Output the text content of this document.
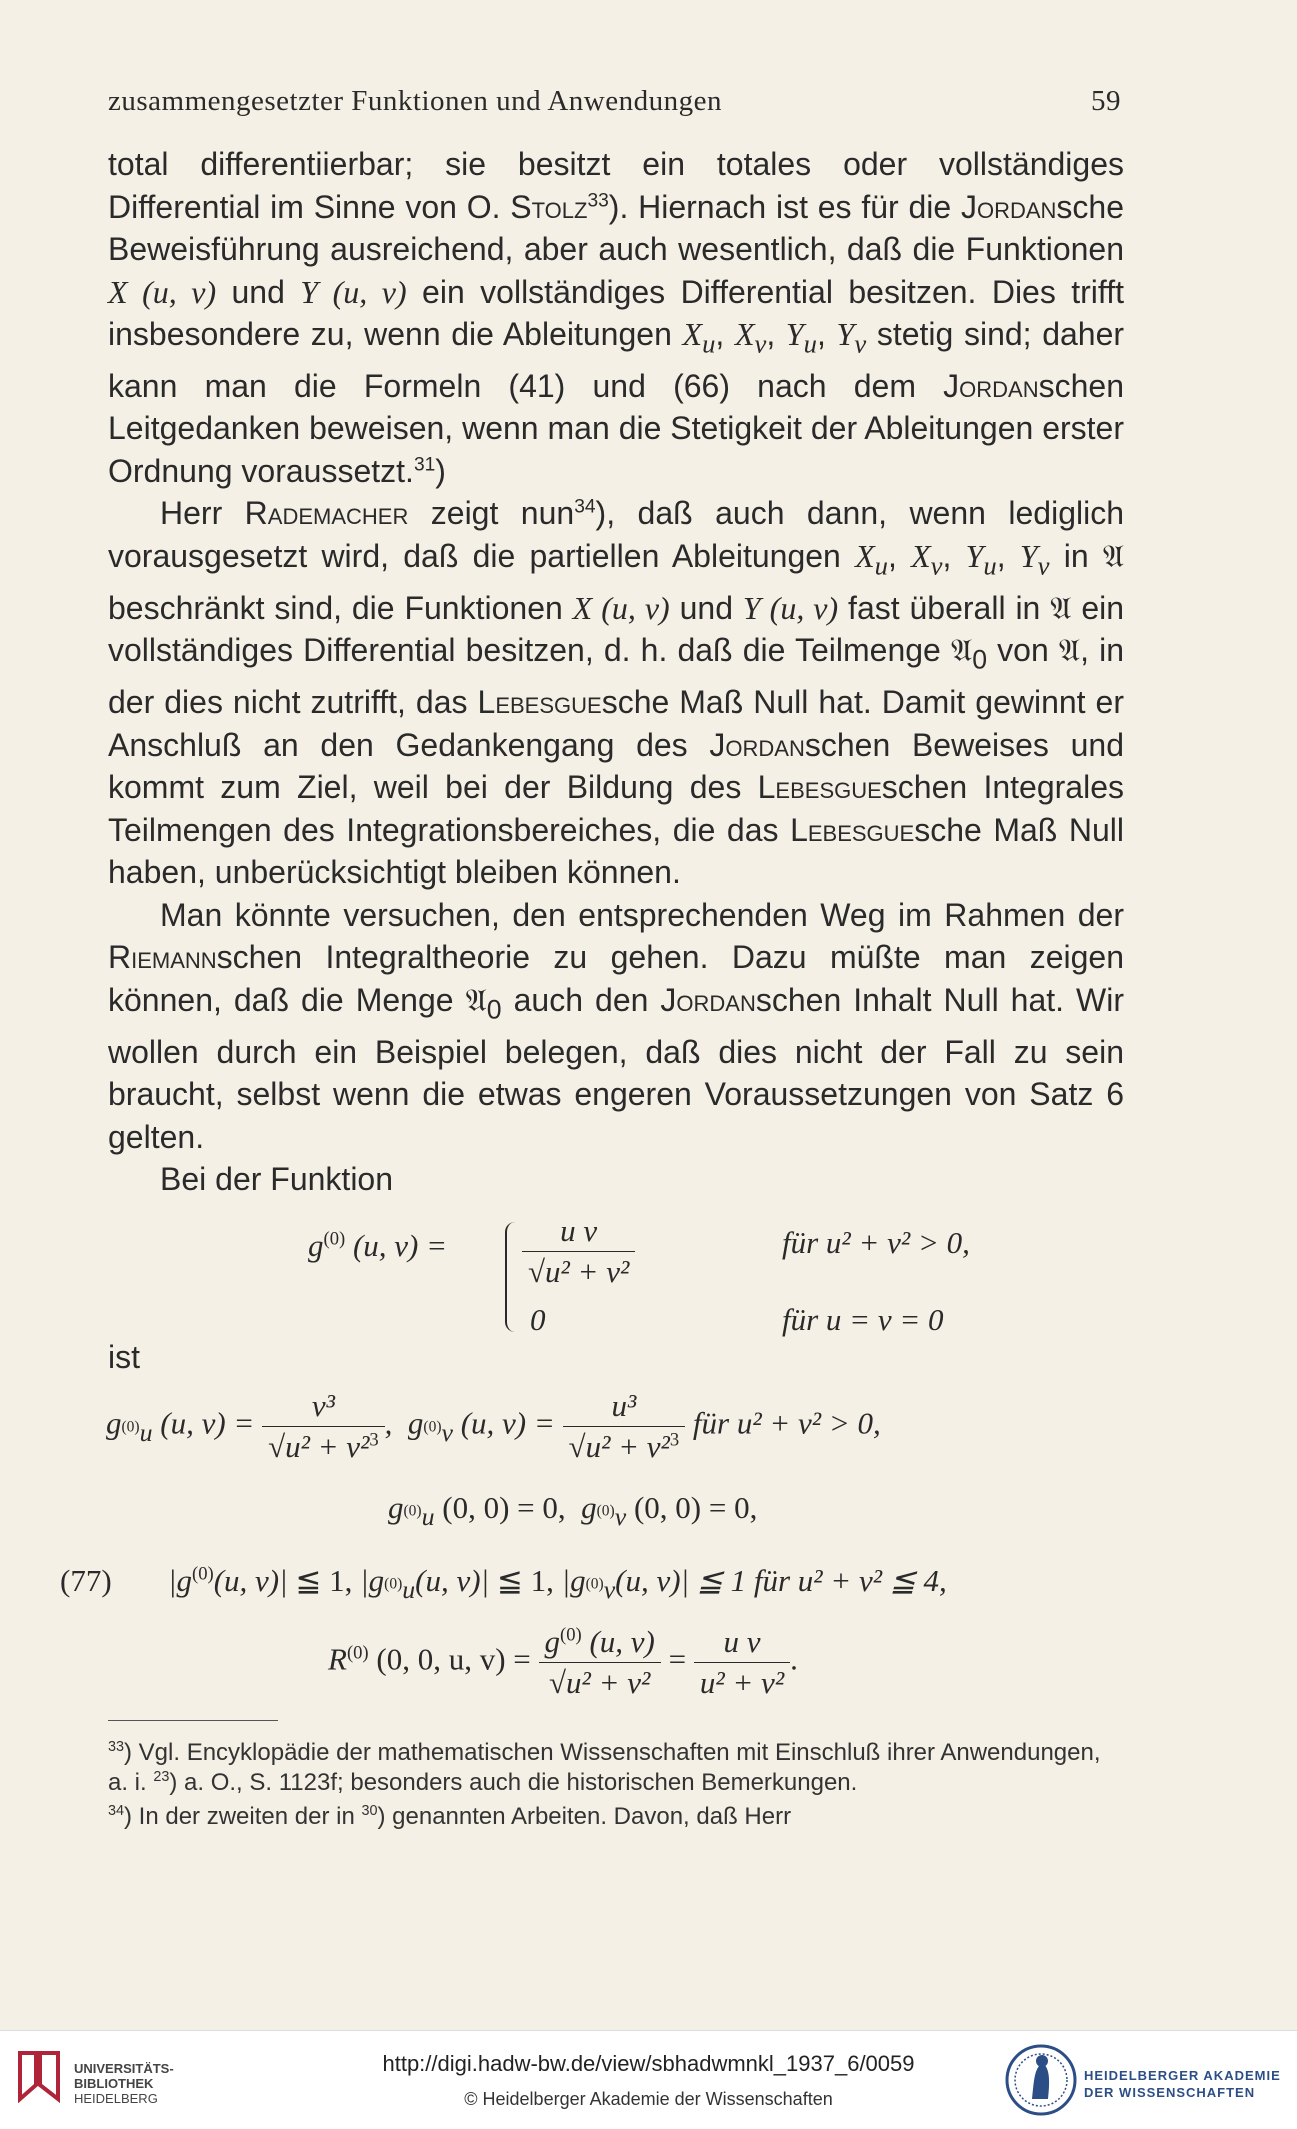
zusammengesetzter Funktionen und Anwendungen	59

total differentiierbar; sie besitzt ein totales oder vollständiges Differential im Sinne von O. Stolz$^{33}$). Hiernach ist es für die Jordansche Beweisführung ausreichend, aber auch wesentlich, daß die Funktionen X (u, v) und Y (u, v) ein vollständiges Differential besitzen. Dies trifft insbesondere zu, wenn die Ableitungen $X_u$, $X_v$, $Y_u$, $Y_v$ stetig sind; daher kann man die Formeln (41) und (66) nach dem Jordanschen Leitgedanken beweisen, wenn man die Stetigkeit der Ableitungen erster Ordnung voraussetzt.$^{31}$)

Herr Rademacher zeigt nun$^{34}$), daß auch dann, wenn lediglich vorausgesetzt wird, daß die partiellen Ableitungen $X_u$, $X_v$, $Y_u$, $Y_v$ in 𝔄 beschränkt sind, die Funktionen X (u, v) und Y (u, v) fast überall in 𝔄 ein vollständiges Differential besitzen, d. h. daß die Teilmenge 𝔄$_0$ von 𝔄, in der dies nicht zutrifft, das Lebesguesche Maß Null hat. Damit gewinnt er Anschluß an den Gedankengang des Jordanschen Beweises und kommt zum Ziel, weil bei der Bildung des Lebesgueschen Integrales Teilmengen des Integrationsbereiches, die das Lebesguesche Maß Null haben, unberücksichtigt bleiben können.

Man könnte versuchen, den entsprechenden Weg im Rahmen der Riemannschen Integraltheorie zu gehen. Dazu müßte man zeigen können, daß die Menge 𝔄$_0$ auch den Jordanschen Inhalt Null hat. Wir wollen durch ein Beispiel belegen, daß dies nicht der Fall zu sein braucht, selbst wenn die etwas engeren Voraussetzungen von Satz 6 gelten.

Bei der Funktion

$g^{(0)}$ (u, $v) = \frac{\text{u v}}{\text{√u² + v²}}$	für u² + v² > 0,
0	für u = v = 0

ist

$g_{^{(0)}u}$ (u, $v) = \frac{\text{v³}}{√u^2 + v^2^3}$ , $g_{^{(0)}v}$ (u, $v) = \frac{\text{u³}}{√u^2 + v^2^3}$ für u² + v² > 0,
$g_{^{(0)}u}$ (0, 0) = 0, $g_{^{(0)}v}$ (0, 0) = 0,
(77) $|g^{(0)}(u$, v)| ≦ 1, $|g_{^{(0)}u}(u$, v)| ≦ 1, $|g_{^{(0)}v}(u$, v)| ≦ 1 für u² + v² ≦ 4,
$R^{(0)}$ (0, 0, u, $v) = \frac{g^{(0)} (u, v)}{\text{√u² + v²}} = \frac{\text{u v}}{\text{u² + v²}}$ .

$^{33}$) Vgl. Encyklopädie der mathematischen Wissenschaften mit Einschluß ihrer Anwendungen, a. i. $^{23}$) a. O., S. 1123f; besonders auch die historischen Bemerkungen.

$^{34}$) In der zweiten der in $^{30}$) genannten Arbeiten. Davon, daß Herr

UNIVERSITÄTS-
BIBLIOTHEK
HEIDELBERG
http://digi.hadw-bw.de/view/sbhadwmnkl_1937_6/0059
© Heidelberger Akademie der Wissenschaften
HEIDELBERGER AKADEMIE
DER WISSENSCHAFTEN
